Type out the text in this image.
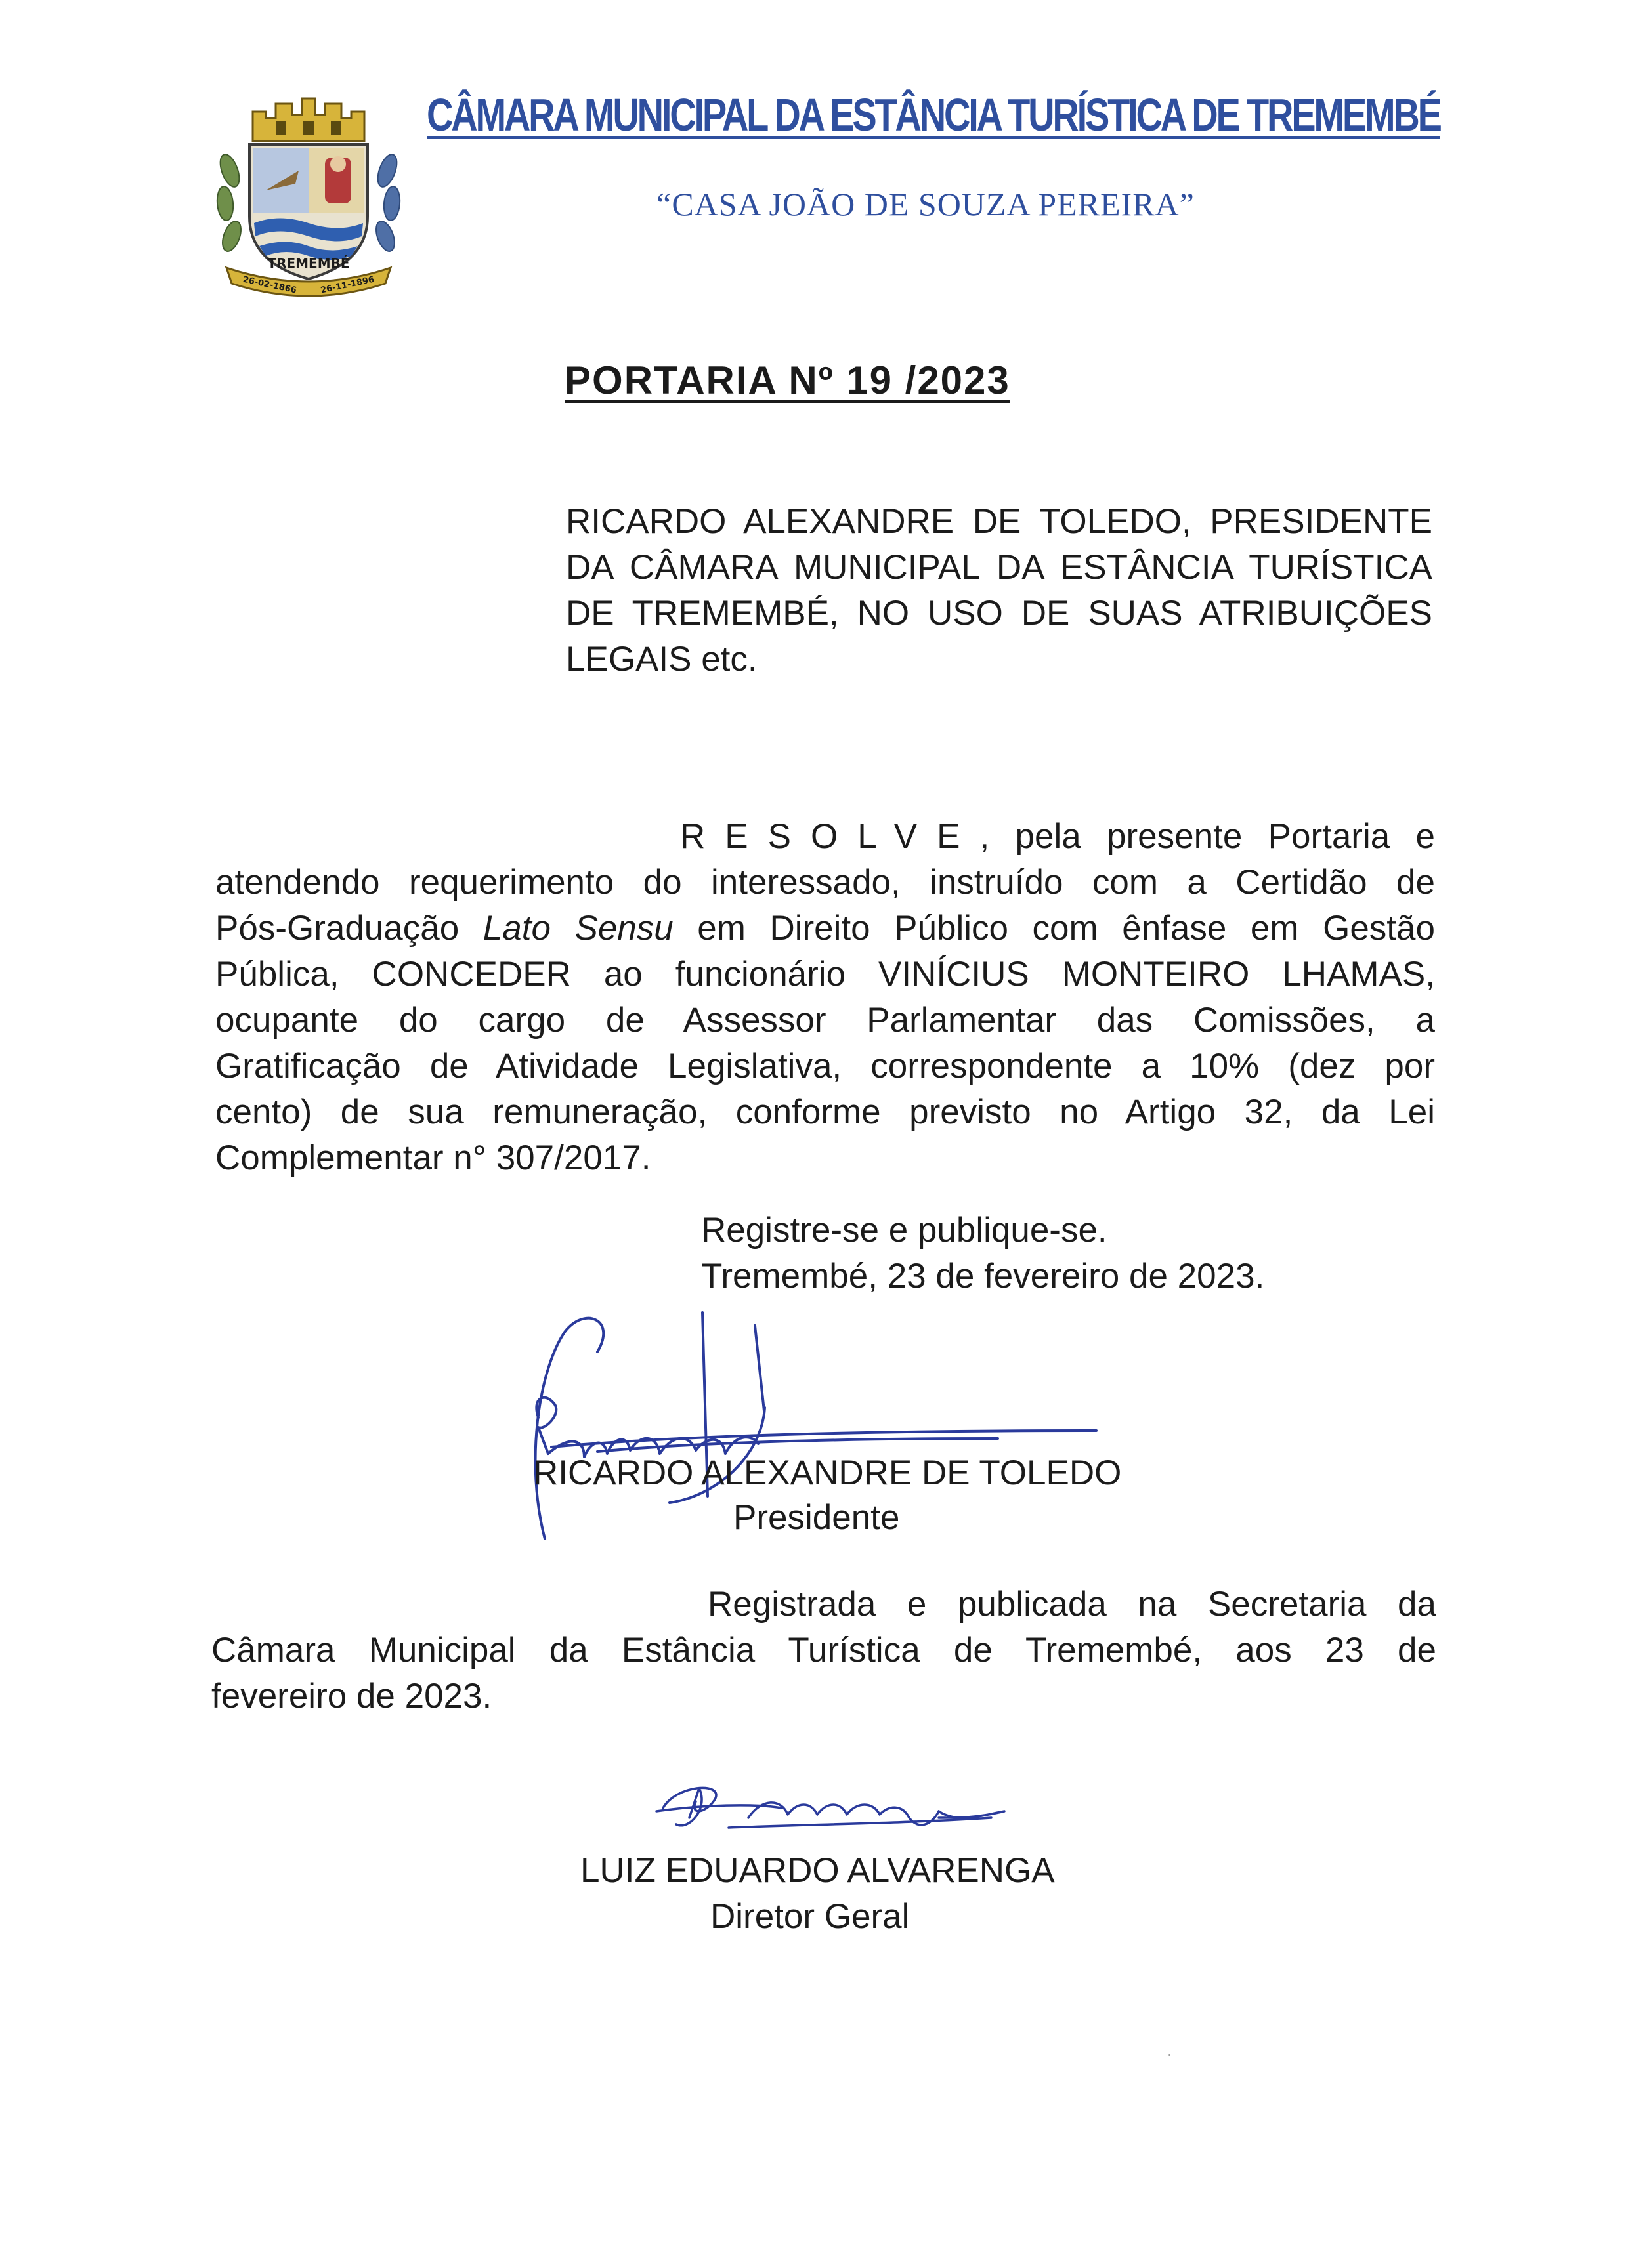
TREMEMBÉ
26-02-1866	26-11-1896
CÂMARA MUNICIPAL DA ESTÂNCIA TURÍSTICA DE TREMEMBÉ
“CASA JOÃO DE SOUZA PEREIRA”
PORTARIA Nº 19 /2023
RICARDO ALEXANDRE DE TOLEDO, PRESIDENTE
DA CÂMARA MUNICIPAL DA ESTÂNCIA TURÍSTICA
DE TREMEMBÉ, NO USO DE SUAS ATRIBUIÇÕES
LEGAIS etc.
RESOLVE, pela presente Portaria e
atendendo requerimento do interessado, instruído com a Certidão de
Pós-Graduação Lato Sensu em Direito Público com ênfase em Gestão
Pública, CONCEDER ao funcionário VINÍCIUS MONTEIRO LHAMAS,
ocupante do cargo de Assessor Parlamentar das Comissões, a
Gratificação de Atividade Legislativa, correspondente a 10% (dez por
cento) de sua remuneração, conforme previsto no Artigo 32, da Lei
Complementar n° 307/2017.
Registre-se e publique-se.
Tremembé, 23 de fevereiro de 2023.
RICARDO ALEXANDRE DE TOLEDO
Presidente
Registrada e publicada na Secretaria da
Câmara Municipal da Estância Turística de Tremembé, aos 23 de
fevereiro de 2023.
LUIZ EDUARDO ALVARENGA
Diretor Geral
